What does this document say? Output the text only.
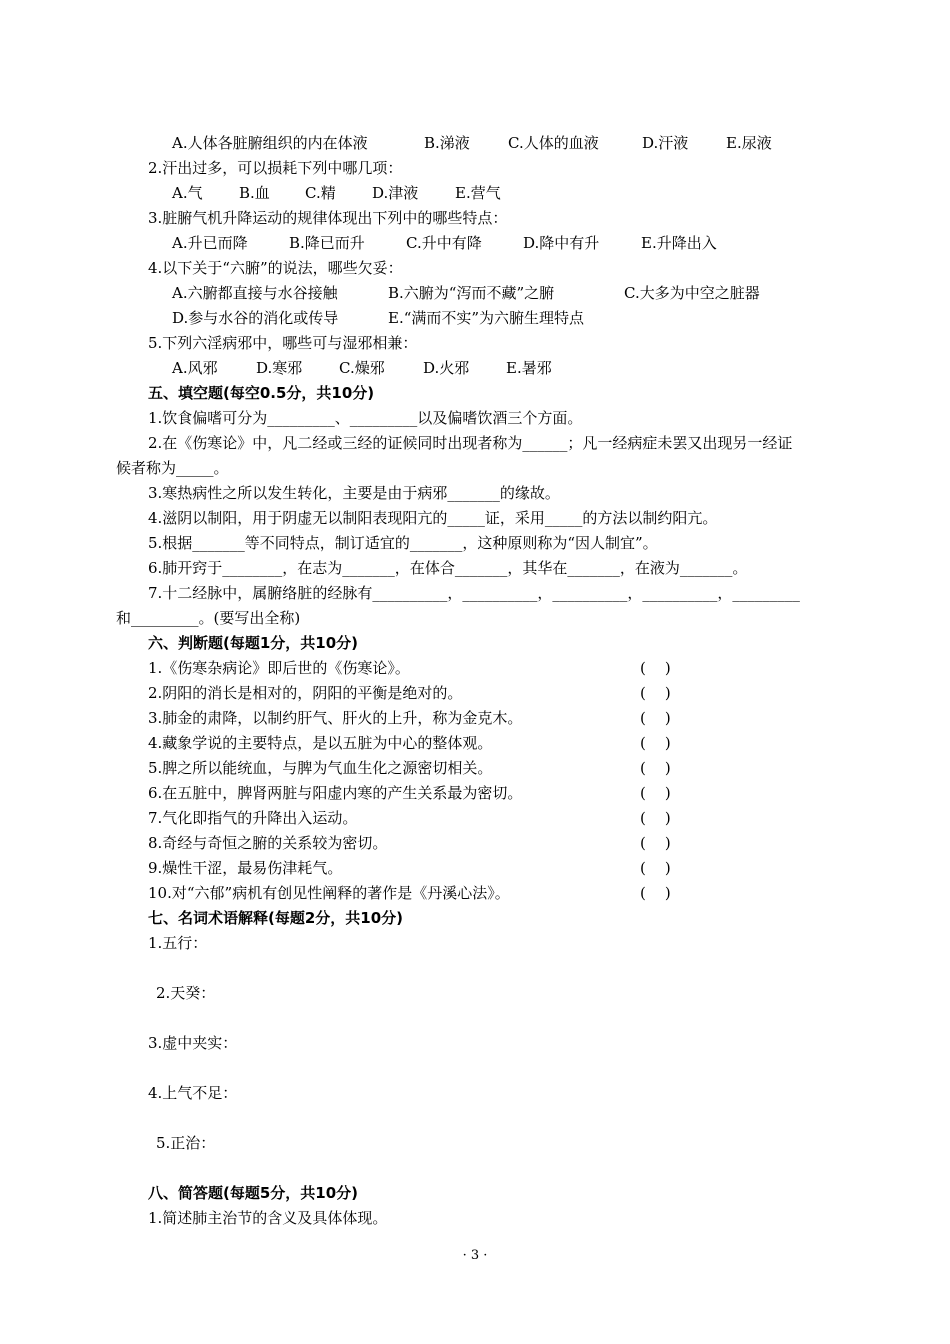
A.人体各脏腑组织的内在体液	B.涕液	C.人体的血液	D.汗液	E.尿液
2.汗出过多，可以损耗下列中哪几项：
A.气 B.血 C.精 D.津液 E.营气
3.脏腑气机升降运动的规律体现出下列中的哪些特点：
A.升已而降	B.降已而升	C.升中有降	D.降中有升	E.升降出入
4.以下关于“六腑”的说法，哪些欠妥：
A.六腑都直接与水谷接触	B.六腑为“泻而不藏”之腑	C.大多为中空之脏器
D.参与水谷的消化或传导	E.“满而不实”为六腑生理特点
5.下列六淫病邪中，哪些可与湿邪相兼：
A.风邪	D.寒邪 C.燥邪	D.火邪 E.暑邪
五、填空题(每空0.5分，共10分)
1.饮食偏嗜可分为_________、_________以及偏嗜饮酒三个方面。
2.在《伤寒论》中，凡二经或三经的证候同时出现者称为______；凡一经病症未罢又出现另一经证
候者称为_____。
3.寒热病性之所以发生转化，主要是由于病邪_______的缘故。
4.滋阴以制阳，用于阴虚无以制阳表现阳亢的_____证，采用_____的方法以制约阳亢。
5.根据_______等不同特点，制订适宜的_______，这种原则称为“因人制宜”。
6.肺开窍于________，在志为_______，在体合_______，其华在_______，在液为_______。
7.十二经脉中，属腑络脏的经脉有__________，__________，__________，__________，_________
和_________。(要写出全称)
六、判断题(每题1分，共10分)
1.《伤寒杂病论》即后世的《伤寒论》。	(    )
2.阴阳的消长是相对的，阴阳的平衡是绝对的。	(    )
3.肺金的肃降，以制约肝气、肝火的上升，称为金克木。	(    )
4.藏象学说的主要特点，是以五脏为中心的整体观。	(    )
5.脾之所以能统血，与脾为气血生化之源密切相关。	(    )
6.在五脏中，脾肾两脏与阳虚内寒的产生关系最为密切。	(    )
7.气化即指气的升降出入运动。	(    )
8.奇经与奇恒之腑的关系较为密切。	(    )
9.燥性干涩，最易伤津耗气。	(    )
10.对“六郁”病机有创见性阐释的著作是《丹溪心法》。	(    )
七、名词术语解释(每题2分，共10分)
1.五行：
2.天癸：
3.虚中夹实：
4.上气不足：
5.正治：
八、简答题(每题5分，共10分)
1.简述肺主治节的含义及具体体现。
· 3 ·
